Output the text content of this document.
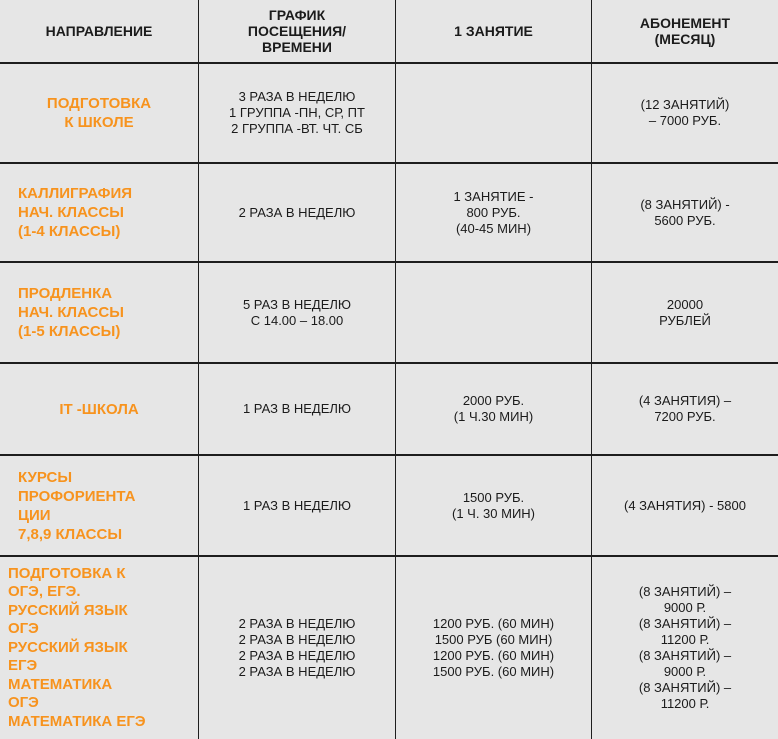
НАПРАВЛЕНИЕ
ГРАФИК
ПОСЕЩЕНИЯ/
ВРЕМЕНИ
1 ЗАНЯТИЕ	АБОНЕМЕНТ
(МЕСЯЦ)
ПОДГОТОВКА
К ШКОЛЕ
3 РАЗА В НЕДЕЛЮ
1 ГРУППА -ПН, СР, ПТ
2 ГРУППА -ВТ. ЧТ. СБ
(12 ЗАНЯТИЙ)
– 7000 РУБ.
КАЛЛИГРАФИЯ
НАЧ. КЛАССЫ
(1-4 КЛАССЫ)
2 РАЗА В НЕДЕЛЮ
1 ЗАНЯТИЕ -
800 РУБ.
(40-45 МИН)
(8 ЗАНЯТИЙ) -
5600 РУБ.
ПРОДЛЕНКА
НАЧ. КЛАССЫ
(1-5 КЛАССЫ)
5 РАЗ В НЕДЕЛЮ
С 14.00 – 18.00
20000
РУБЛЕЙ
IT -ШКОЛА	1 РАЗ В НЕДЕЛЮ
2000 РУБ.
(1 Ч.30 МИН)
(4 ЗАНЯТИЯ) –
7200 РУБ.
КУРСЫ
ПРОФОРИЕНТА
ЦИИ
7,8,9 КЛАССЫ
1 РАЗ В НЕДЕЛЮ
1500 РУБ.
(1 Ч. 30 МИН)
(4 ЗАНЯТИЯ) - 5800
ПОДГОТОВКА К
ОГЭ, ЕГЭ.
РУССКИЙ ЯЗЫК
ОГЭ
РУССКИЙ ЯЗЫК
ЕГЭ
МАТЕМАТИКА
ОГЭ
МАТЕМАТИКА ЕГЭ
2 РАЗА В НЕДЕЛЮ
2 РАЗА В НЕДЕЛЮ
2 РАЗА В НЕДЕЛЮ
2 РАЗА В НЕДЕЛЮ
1200 РУБ. (60 МИН)
1500 РУБ (60 МИН)
1200 РУБ. (60 МИН)
1500 РУБ. (60 МИН)
(8 ЗАНЯТИЙ) –
9000 Р.
(8 ЗАНЯТИЙ) –
11200 Р.
(8 ЗАНЯТИЙ) –
9000 Р.
(8 ЗАНЯТИЙ) –
11200 Р.
